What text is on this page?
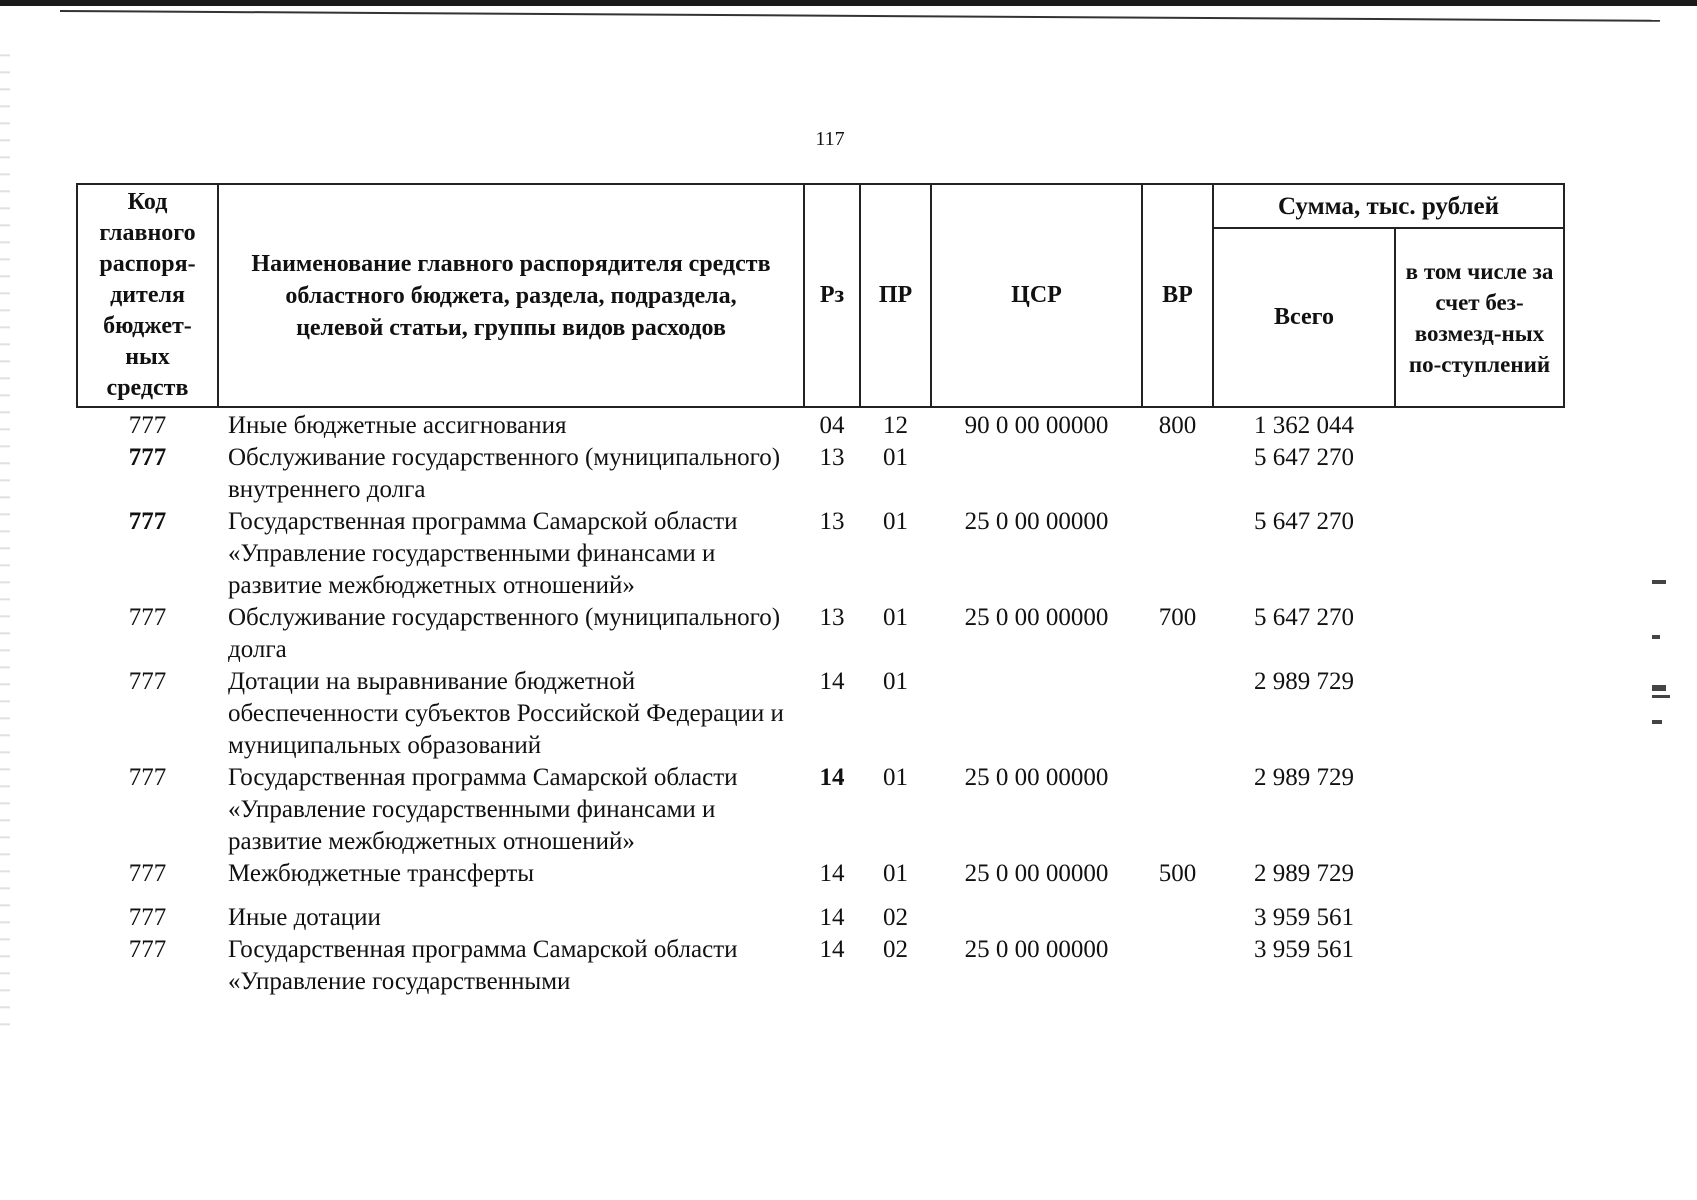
117
Код главного распоря-дителя бюджет-ных средств	Наименование главного распорядителя средств областного бюджета, раздела, подраздела, целевой статьи, группы видов расходов	Рз	ПР	ЦСР	ВР	Сумма, тыс. рублей	
						Всего	в том числе за счет без-возмезд-ных по-ступлений
777	Иные бюджетные ассигнования	04	12	90 0 00 00000	800	1 362 044	
777	Обслуживание государственного (муниципального) внутреннего долга	13	01			5 647 270	
777	Государственная программа Самарской области «Управление государственными финансами и развитие межбюджетных отношений»	13	01	25 0 00 00000		5 647 270	
777	Обслуживание государственного (муниципального) долга	13	01	25 0 00 00000	700	5 647 270	
777	Дотации на выравнивание бюджетной обеспеченности субъектов Российской Федерации и муниципальных образований	14	01			2 989 729	
777	Государственная программа Самарской области «Управление государственными финансами и развитие межбюджетных отношений»	14	01	25 0 00 00000		2 989 729	
777	Межбюджетные трансферты	14	01	25 0 00 00000	500	2 989 729	
777	Иные дотации	14	02			3 959 561	
777	Государственная программа Самарской области «Управление государственными	14	02	25 0 00 00000		3 959 561	
